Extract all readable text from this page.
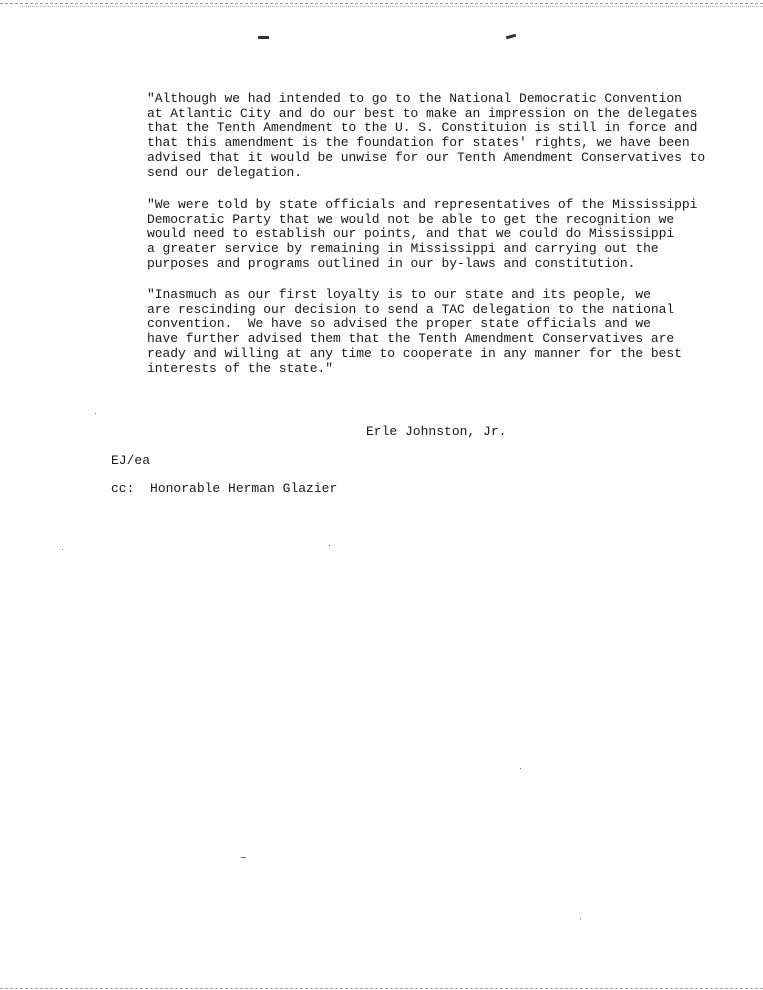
"Although we had intended to go to the National Democratic Convention
at Atlantic City and do our best to make an impression on the delegates
that the Tenth Amendment to the U. S. Constituion is still in force and
that this amendment is the foundation for states' rights, we have been
advised that it would be unwise for our Tenth Amendment Conservatives to
send our delegation.

"We were told by state officials and representatives of the Mississippi
Democratic Party that we would not be able to get the recognition we
would need to establish our points, and that we could do Mississippi
a greater service by remaining in Mississippi and carrying out the
purposes and programs outlined in our by-laws and constitution.

"Inasmuch as our first loyalty is to our state and its people, we
are rescinding our decision to send a TAC delegation to the national
convention.  We have so advised the proper state officials and we
have further advised them that the Tenth Amendment Conservatives are
ready and willing at any time to cooperate in any manner for the best
interests of the state."

Erle Johnston, Jr.
EJ/ea
cc: Honorable Herman Glazier
